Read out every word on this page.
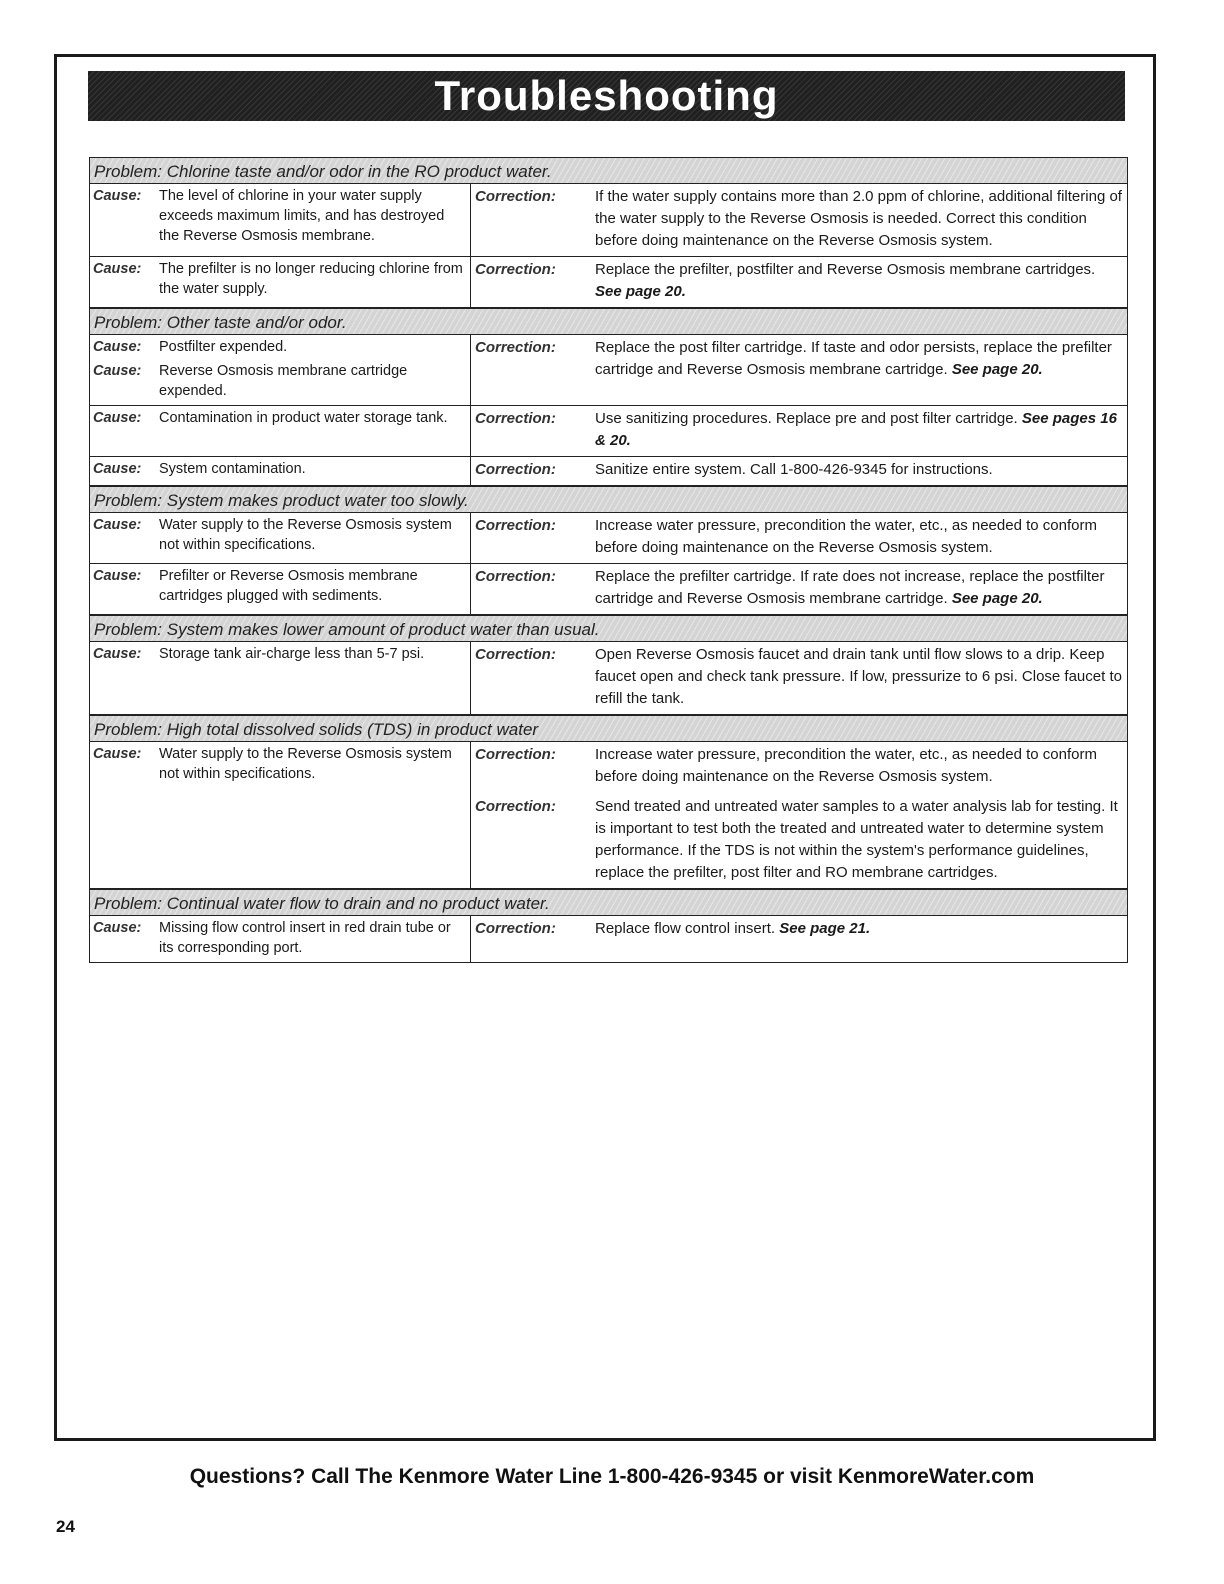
Troubleshooting
Problem: Chlorine taste and/or odor in the RO product water.
Cause:	The level of chlorine in your water supply exceeds maximum limits, and has destroyed the Reverse Osmosis membrane.
Correction:	If the water supply contains more than 2.0 ppm of chlorine, additional filtering of the water supply to the Reverse Osmosis is needed. Correct this condition before doing maintenance on the Reverse Osmosis system.
Cause:	The prefilter is no longer reducing chlorine from the water supply.
Correction:	Replace the prefilter, postfilter and Reverse Osmosis membrane cartridges. See page 20.
Problem: Other taste and/or odor.
Cause:	Postfilter expended.
Cause:	Reverse Osmosis membrane cartridge expended.
Correction:	Replace the post filter cartridge. If taste and odor persists, replace the prefilter cartridge and Reverse Osmosis membrane cartridge. See page 20.
Cause:	Contamination in product water storage tank.	Correction:	Use sanitizing procedures. Replace pre and post filter cartridge. See pages 16 & 20.
Cause:	System contamination.	Correction:	Sanitize entire system. Call 1-800-426-9345 for instructions.
Problem: System makes product water too slowly.
Cause:	Water supply to the Reverse Osmosis system not within specifications.
Correction:	Increase water pressure, precondition the water, etc., as needed to conform before doing maintenance on the Reverse Osmosis system.
Cause:	Prefilter or Reverse Osmosis membrane cartridges plugged with sediments.
Correction:	Replace the prefilter cartridge. If rate does not increase, replace the postfilter cartridge and Reverse Osmosis membrane cartridge. See page 20.
Problem: System makes lower amount of product water than usual.
Cause:	Storage tank air-charge less than 5-7 psi.	Correction:	Open Reverse Osmosis faucet and drain tank until flow slows to a drip. Keep faucet open and check tank pressure. If low, pressurize to 6 psi. Close faucet to refill the tank.
Problem: High total dissolved solids (TDS) in product water
Cause:	Water supply to the Reverse Osmosis system not within specifications.
Correction:	Increase water pressure, precondition the water, etc., as needed to conform before doing maintenance on the Reverse Osmosis system.
Correction:	Send treated and untreated water samples to a water analysis lab for testing. It is important to test both the treated and untreated water to determine system performance. If the TDS is not within the system's performance guidelines, replace the prefilter, post filter and RO membrane cartridges.
Problem: Continual water flow to drain and no product water.
Cause:	Missing flow control insert in red drain tube or its corresponding port.
Correction:	Replace flow control insert. See page 21.
Questions? Call The Kenmore Water Line 1-800-426-9345 or visit KenmoreWater.com
24
